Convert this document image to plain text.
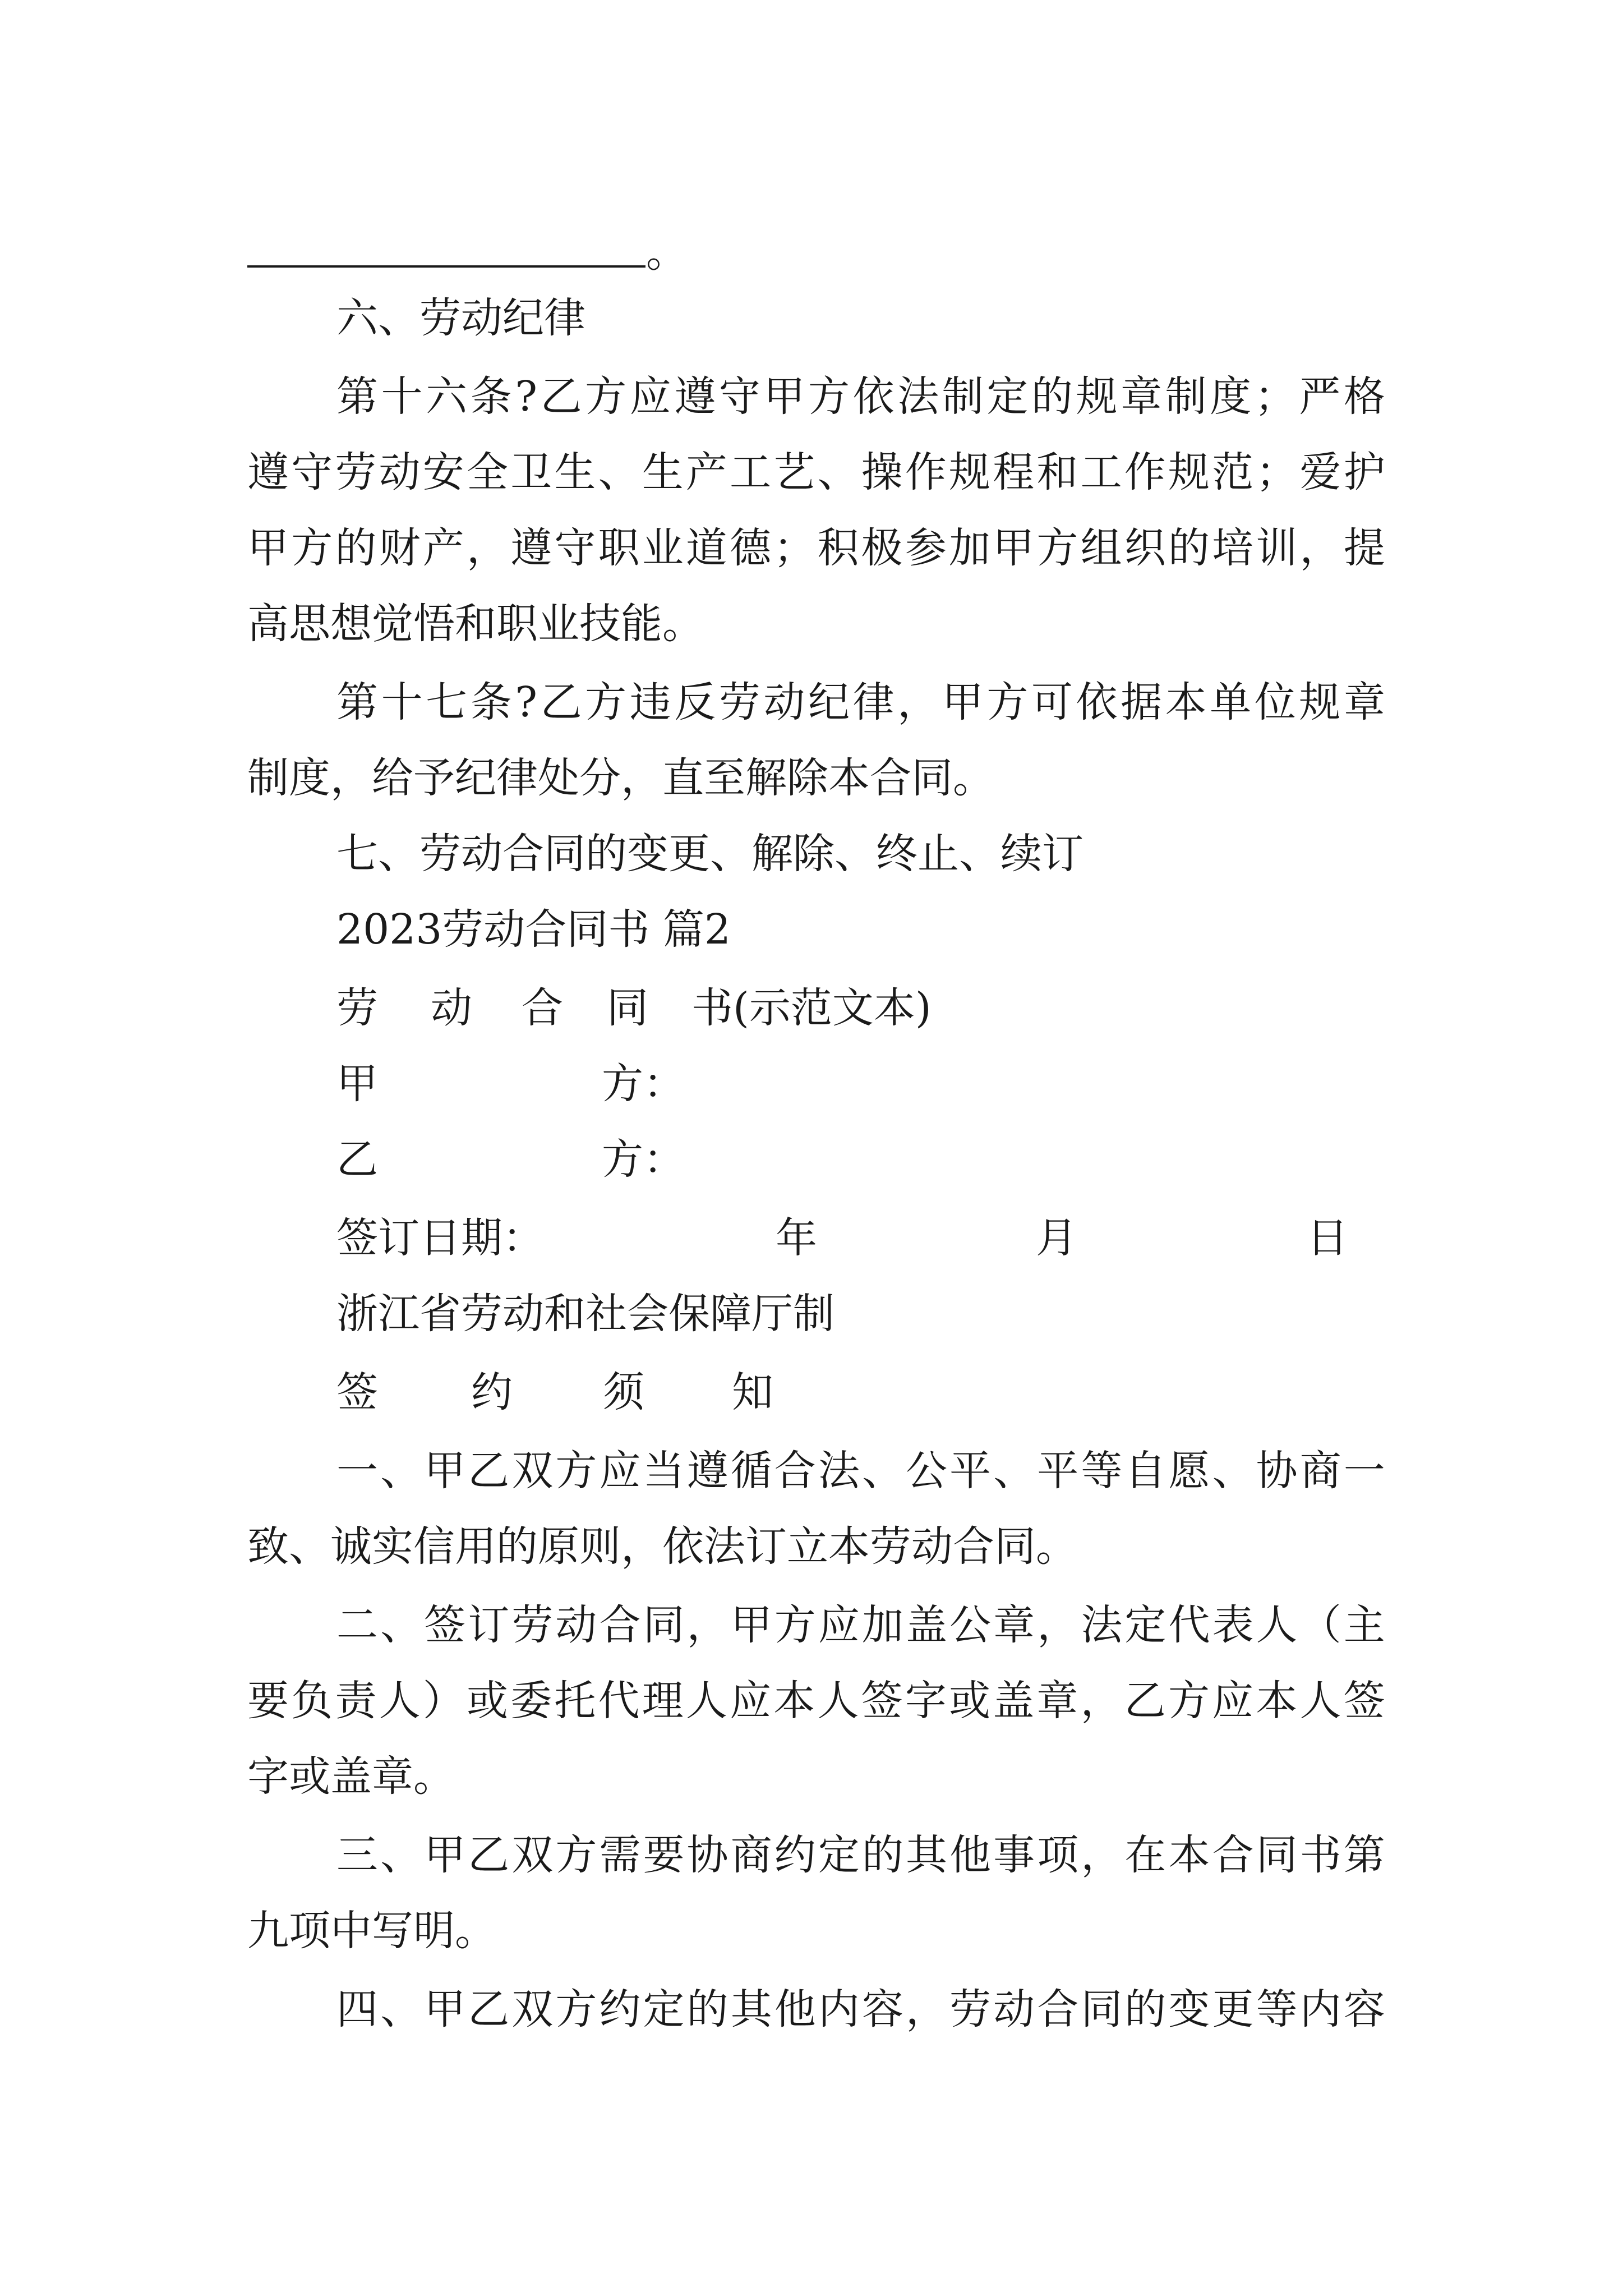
。
六、劳动纪律
第 十 六 条 ? 乙 方 应 遵 守 甲 方 依 法 制 定 的 规 章 制 度 ； 严 格
遵 守 劳 动 安 全 卫 生 、 生 产 工 艺 、 操 作 规 程 和 工 作 规 范 ； 爱 护
甲 方 的 财 产 ， 遵 守 职 业 道 德 ； 积 极 参 加 甲 方 组 织 的 培 训 ， 提
高思想觉悟和职业技能。
第 十 七 条 ? 乙 方 违 反 劳 动 纪 律 ， 甲 方 可 依 据 本 单 位 规 章
制度，给予纪律处分，直至解除本合同。
七、劳动合同的变更、解除、终止、续订
2023劳动合同书 篇2
劳 动 合 同 书(示范文本)
甲	方：
乙	方：
签订日期：	年	月	日
浙江省劳动和社会保障厅制
签 约 须 知
一 、 甲 乙 双 方 应 当 遵 循 合 法 、 公 平 、 平 等 自 愿 、 协 商 一
致、诚实信用的原则，依法订立本劳动合同。
二 、 签 订 劳 动 合 同 ， 甲 方 应 加 盖 公 章 ， 法 定 代 表 人 （ 主
要 负 责 人 ） 或 委 托 代 理 人 应 本 人 签 字 或 盖 章 ， 乙 方 应 本 人 签
字或盖章。
三 、 甲 乙 双 方 需 要 协 商 约 定 的 其 他 事 项 ， 在 本 合 同 书 第
九项中写明。
四 、 甲 乙 双 方 约 定 的 其 他 内 容 ， 劳 动 合 同 的 变 更 等 内 容
